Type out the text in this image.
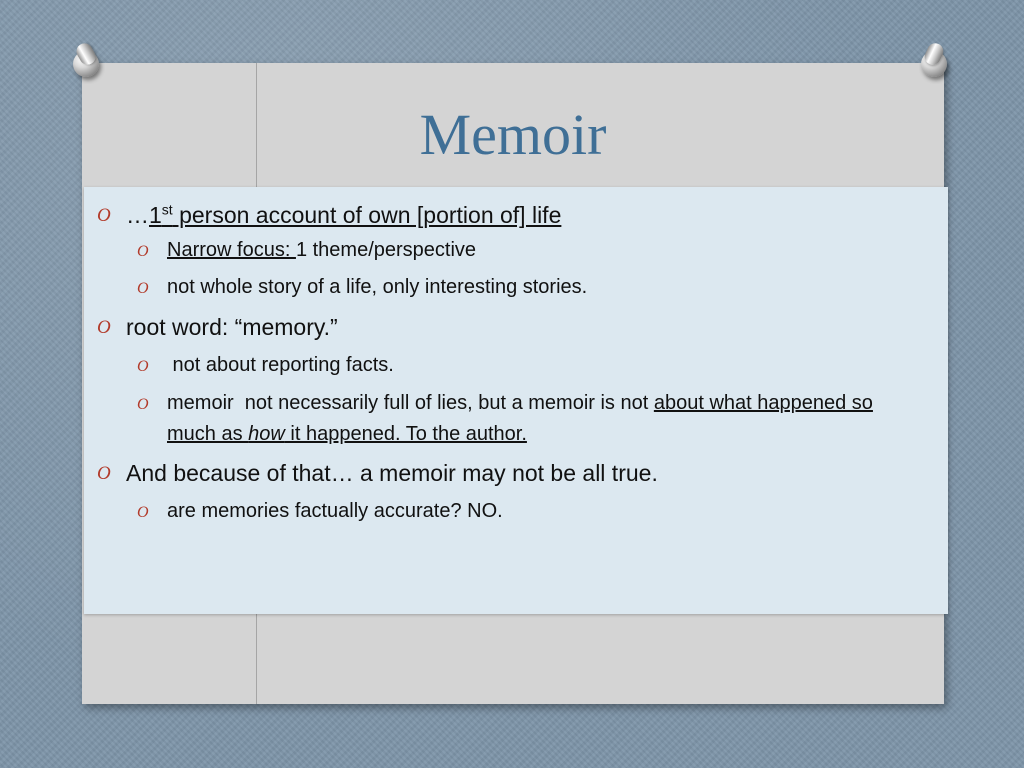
Memoir
O …1st person account of own [portion of] life
O Narrow focus: 1 theme/perspective
O not whole story of a life, only interesting stories.
O root word: “memory.”
O not about reporting facts.
O memoir  not necessarily full of lies, but a memoir is not about what happened so much as how it happened. To the author.
O And because of that… a memoir may not be all true.
O are memories factually accurate? NO.
